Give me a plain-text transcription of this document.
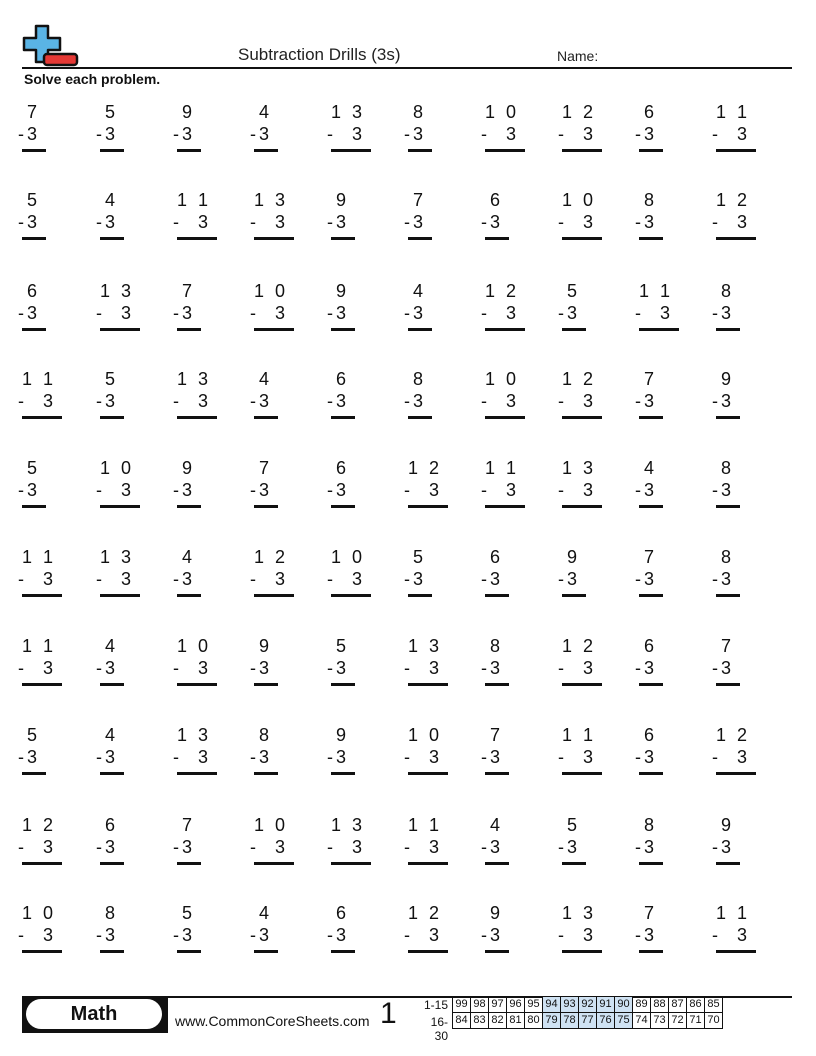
Subtraction Drills (3s)	Name:
Solve each problem.
7
-3
5
-3
9
-3
4
-3
1 3
-  3
8
-3
1 0
-  3
1 2
-  3
6
-3
1 1
-  3
5
-3
4
-3
1 1
-  3
1 3
-  3
9
-3
7
-3
6
-3
1 0
-  3
8
-3
1 2
-  3
6
-3
1 3
-  3
7
-3
1 0
-  3
9
-3
4
-3
1 2
-  3
5
-3
1 1
-  3
8
-3
1 1
-  3
5
-3
1 3
-  3
4
-3
6
-3
8
-3
1 0
-  3
1 2
-  3
7
-3
9
-3
5
-3
1 0
-  3
9
-3
7
-3
6
-3
1 2
-  3
1 1
-  3
1 3
-  3
4
-3
8
-3
1 1
-  3
1 3
-  3
4
-3
1 2
-  3
1 0
-  3
5
-3
6
-3
9
-3
7
-3
8
-3
1 1
-  3
4
-3
1 0
-  3
9
-3
5
-3
1 3
-  3
8
-3
1 2
-  3
6
-3
7
-3
5
-3
4
-3
1 3
-  3
8
-3
9
-3
1 0
-  3
7
-3
1 1
-  3
6
-3
1 2
-  3
1 2
-  3
6
-3
7
-3
1 0
-  3
1 3
-  3
1 1
-  3
4
-3
5
-3
8
-3
9
-3
1 0
-  3
8
-3
5
-3
4
-3
6
-3
1 2
-  3
9
-3
1 3
-  3
7
-3
1 1
-  3
Math	www.CommonCoreSheets.com 1	1-15
16-30
99	98	97	96	95	94	93	92	91	90	89	88	87	86	85
84	83	82	81	80	79	78	77	76	75	74	73	72	71	70
